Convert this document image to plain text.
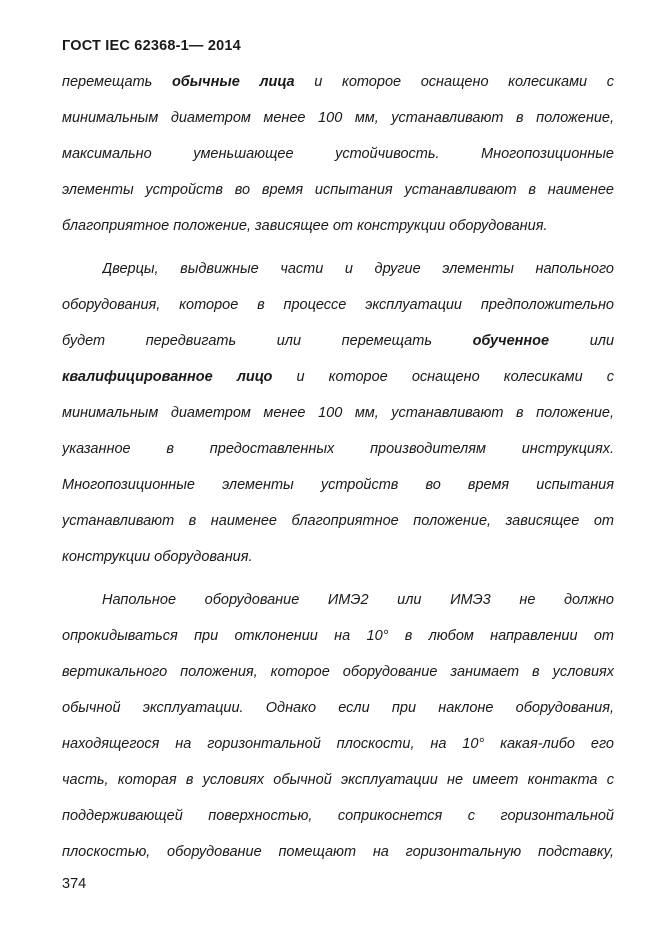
ГОСТ IEC 62368-1— 2014
перемещать обычные лица и которое оснащено колесиками с
минимальным диаметром менее 100 мм, устанавливают в положение,
максимально уменьшающее устойчивость. Многопозиционные
элементы устройств во время испытания устанавливают в наименее
благоприятное положение, зависящее от конструкции оборудования.
Дверцы, выдвижные части и другие элементы напольного
оборудования, которое в процессе эксплуатации предположительно
будет передвигать или перемещать обученное или
квалифицированное лицо и которое оснащено колесиками с
минимальным диаметром менее 100 мм, устанавливают в положение,
указанное в предоставленных производителям инструкциях.
Многопозиционные элементы устройств во время испытания
устанавливают в наименее благоприятное положение, зависящее от
конструкции оборудования.
Напольное оборудование ИМЭ2 или ИМЭ3 не должно
опрокидываться при отклонении на 10° в любом направлении от
вертикального положения, которое оборудование занимает в условиях
обычной эксплуатации. Однако если при наклоне оборудования,
находящегося на горизонтальной плоскости, на 10° какая-либо его
часть, которая в условиях обычной эксплуатации не имеет контакта с
поддерживающей поверхностью, соприкоснется с горизонтальной
плоскостью, оборудование помещают на горизонтальную подставку,
374
